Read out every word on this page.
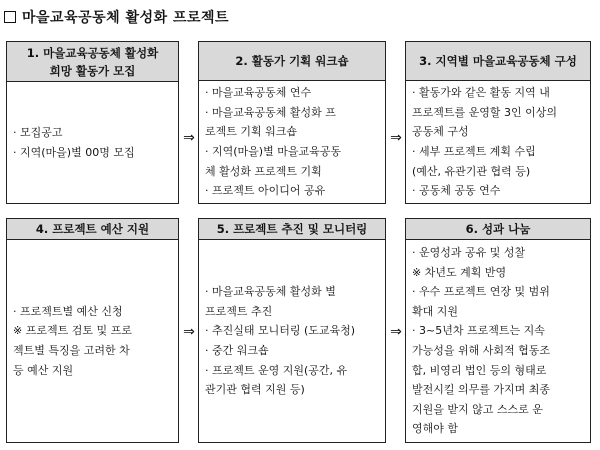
마을교육공동체 활성화 프로젝트
1. 마을교육공동체 활성화
희망 활동가 모집
· 모집공고
· 지역(마을)별 00명 모집
⇒
2. 활동가 기획 워크숍
· 마을교육공동체 연수
· 마을교육공동체 활성화 프
로젝트 기획 워크숍
· 지역(마을)별 마을교육공동
체 활성화 프로젝트 기획
· 프로젝트 아이디어 공유
⇒
3. 지역별 마을교육공동체 구성
· 활동가와 같은 활동 지역 내
프로젝트를 운영할 3인 이상의
공동체 구성
· 세부 프로젝트 계획 수립
(예산, 유관기관 협력 등)
· 공동체 공동 연수
4. 프로젝트 예산 지원
· 프로젝트별 예산 신청
※ 프로젝트 검토 및 프로
젝트별 특징을 고려한 차
등 예산 지원
⇒
5. 프로젝트 추진 및 모니터링
· 마을교육공동체 활성화 별
프로젝트 추진
· 추진실태 모니터링 (도교육청)
· 중간 워크숍
· 프로젝트 운영 지원(공간, 유
관기관 협력 지원 등)
⇒
6. 성과 나눔
· 운영성과 공유 및 성찰
※ 차년도 계획 반영
· 우수 프로젝트 연장 및 범위
확대 지원
· 3~5년차 프로젝트는 지속
가능성을 위해 사회적 협동조
합, 비영리 법인 등의 형태로
발전시킬 의무를 가지며 최종
지원을 받지 않고 스스로 운
영해야 함
